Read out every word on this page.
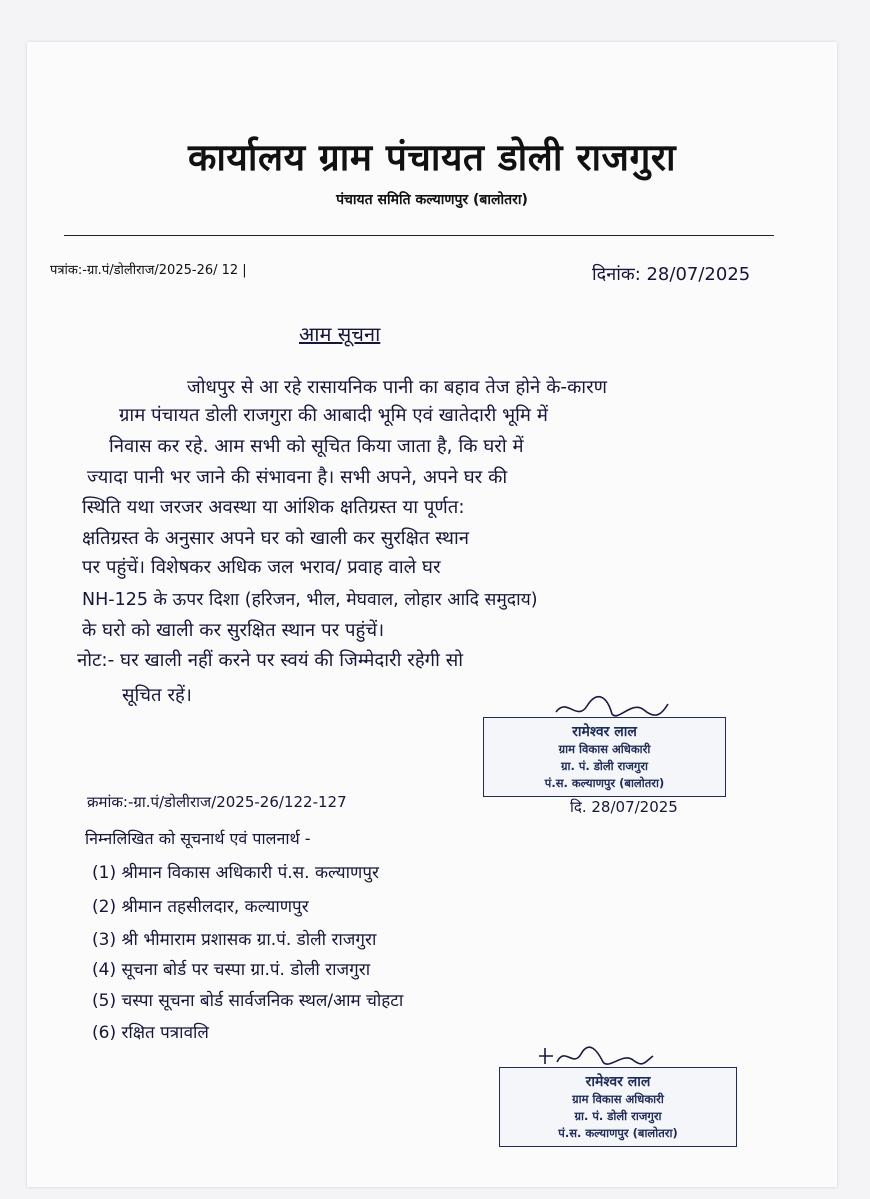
कार्यालय ग्राम पंचायत डोली राजगुरा
पंचायत समिति कल्याणपुर (बालोतरा)
पत्रांक:-ग्रा.पं/डोलीराज/2025-26/ 12 |	दिनांक: 28/07/2025
आम सूचना
जोधपुर से आ रहे रासायनिक पानी का बहाव तेज होने के-कारण
ग्राम पंचायत डोली राजगुरा की आबादी भूमि एवं खातेदारी भूमि में
निवास कर रहे. आम सभी को सूचित किया जाता है, कि घरो में
ज्यादा पानी भर जाने की संभावना है। सभी अपने, अपने घर की
स्थिति यथा जरजर अवस्था या आंशिक क्षतिग्रस्त या पूर्णत:
क्षतिग्रस्त के अनुसार अपने घर को खाली कर सुरक्षित स्थान
पर पहुंचें। विशेषकर अधिक जल भराव/ प्रवाह वाले घर
NH-125 के ऊपर दिशा (हरिजन, भील, मेघवाल, लोहार आदि समुदाय)
के घरो को खाली कर सुरक्षित स्थान पर पहुंचें।
नोट:- घर खाली नहीं करने पर स्वयं की जिम्मेदारी रहेगी सो
सूचित रहें।
रामेश्वर लाल
ग्राम विकास अधिकारी
ग्रा. पं. डोली राजगुरा
पं.स. कल्याणपुर (बालोतरा)
क्रमांक:-ग्रा.पं/डोलीराज/2025-26/122-127	दि. 28/07/2025
निम्नलिखित को सूचनार्थ एवं पालनार्थ -
(1) श्रीमान विकास अधिकारी पं.स. कल्याणपुर
(2) श्रीमान तहसीलदार, कल्याणपुर
(3) श्री भीमाराम प्रशासक ग्रा.पं. डोली राजगुरा
(4) सूचना बोर्ड पर चस्पा ग्रा.पं. डोली राजगुरा
(5) चस्पा सूचना बोर्ड सार्वजनिक स्थल/आम चोहटा
(6) रक्षित पत्रावलि
रामेश्वर लाल
ग्राम विकास अधिकारी
ग्रा. पं. डोली राजगुरा
पं.स. कल्याणपुर (बालोतरा)
